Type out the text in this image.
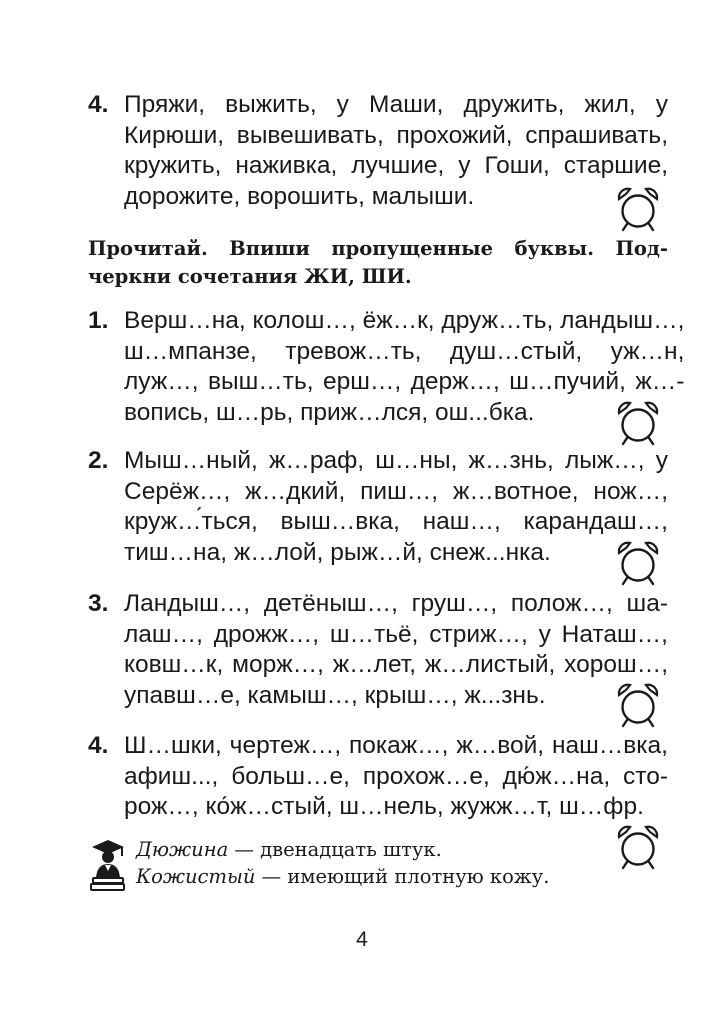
4. Пряжи, выжить, у Маши, дружить, жил, у
Кирюши, вывешивать, прохожий, спрашивать,
кружить, наживка, лучшие, у Гоши, старшие,
дорожите, ворошить, малыши.
Прочитай. Впиши пропущенные буквы. Под-
черкни сочетания ЖИ, ШИ.
1. Верш…на, колош…, ёж…к, друж…ть, ландыш…,
ш…мпанзе, тревож…ть, душ…стый, уж…н,
луж…, выш…ть, ерш…, держ…, ш…пучий, ж…-
вопись, ш…рь, приж…лся, ош...бка.
2. Мыш…ный, ж…раф, ш…ны, ж…знь, лыж…, у
Серёж…, ж…дкий, пиш…, ж…вотное, нож…,
круж…́ться, выш…вка, наш…, карандаш…,
тиш…на, ж…лой, рыж…й, снеж...нка.
3. Ландыш…, детёныш…, груш…, полож…, ша-
лаш…, дрожж…, ш…тьё, стриж…, у Наташ…,
ковш…к, морж…, ж…лет, ж…листый, хорош…,
упавш…е, камыш…, крыш…, ж...знь.
4. Ш…шки, чертеж…, покаж…, ж…вой, наш…вка,
афиш..., больш…е, прохож…е, дю́ж…на, сто-
рож…, ко́ж…стый, ш…нель, жужж…т, ш…фр.
Дюжина — двенадцать штук.
Кожистый — имеющий плотную кожу.
4
